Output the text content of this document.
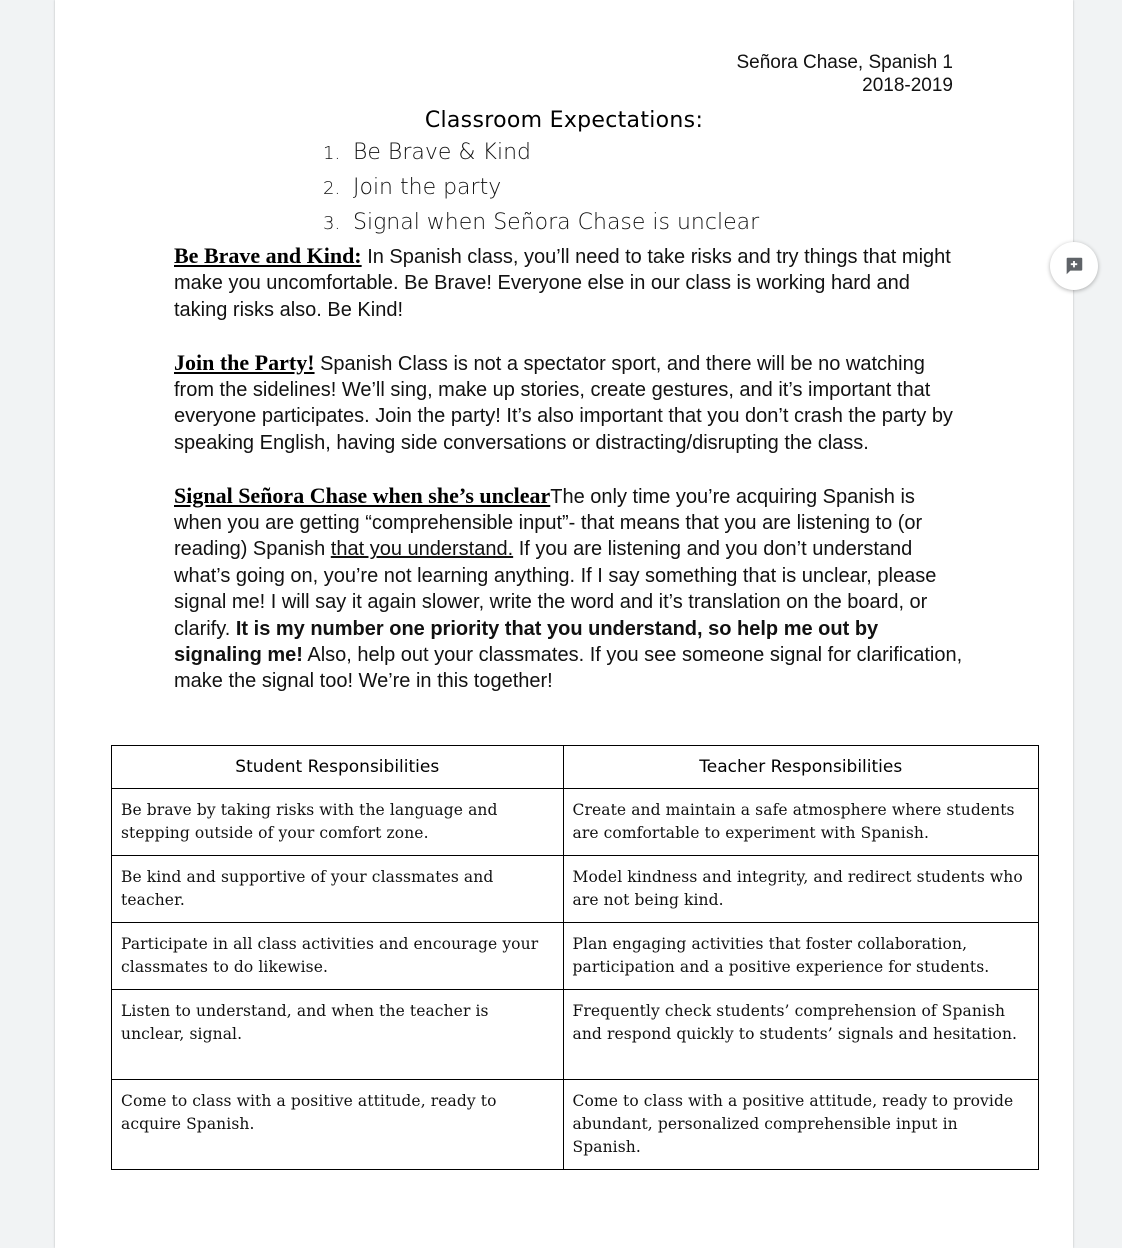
Señora Chase, Spanish 1
2018-2019
Classroom Expectations:
1. Be Brave & Kind
2. Join the party
3. Signal when Señora Chase is unclear

Be Brave and Kind: In Spanish class, you’ll need to take risks and try things that might make you uncomfortable. Be Brave! Everyone else in our class is working hard and taking risks also. Be Kind!

Join the Party! Spanish Class is not a spectator sport, and there will be no watching from the sidelines! We’ll sing, make up stories, create gestures, and it’s important that everyone participates. Join the party! It’s also important that you don’t crash the party by speaking English, having side conversations or distracting/disrupting the class.

Signal Señora Chase when she’s unclearThe only time you’re acquiring Spanish is when you are getting “comprehensible input”- that means that you are listening to (or reading) Spanish that you understand. If you are listening and you don’t understand what’s going on, you’re not learning anything. If I say something that is unclear, please signal me! I will say it again slower, write the word and it’s translation on the board, or clarify. It is my number one priority that you understand, so help me out by signaling me! Also, help out your classmates. If you see someone signal for clarification, make the signal too! We’re in this together!

Student Responsibilities	Teacher Responsibilities
Be brave by taking risks with the language and stepping outside of your comfort zone.	Create and maintain a safe atmosphere where students are comfortable to experiment with Spanish.
Be kind and supportive of your classmates and teacher.	Model kindness and integrity, and redirect students who are not being kind.
Participate in all class activities and encourage your classmates to do likewise.	Plan engaging activities that foster collaboration, participation and a positive experience for students.
Listen to understand, and when the teacher is unclear, signal.	Frequently check students’ comprehension of Spanish and respond quickly to students’ signals and hesitation.
Come to class with a positive attitude, ready to acquire Spanish.	Come to class with a positive attitude, ready to provide abundant, personalized comprehensible input in Spanish.
